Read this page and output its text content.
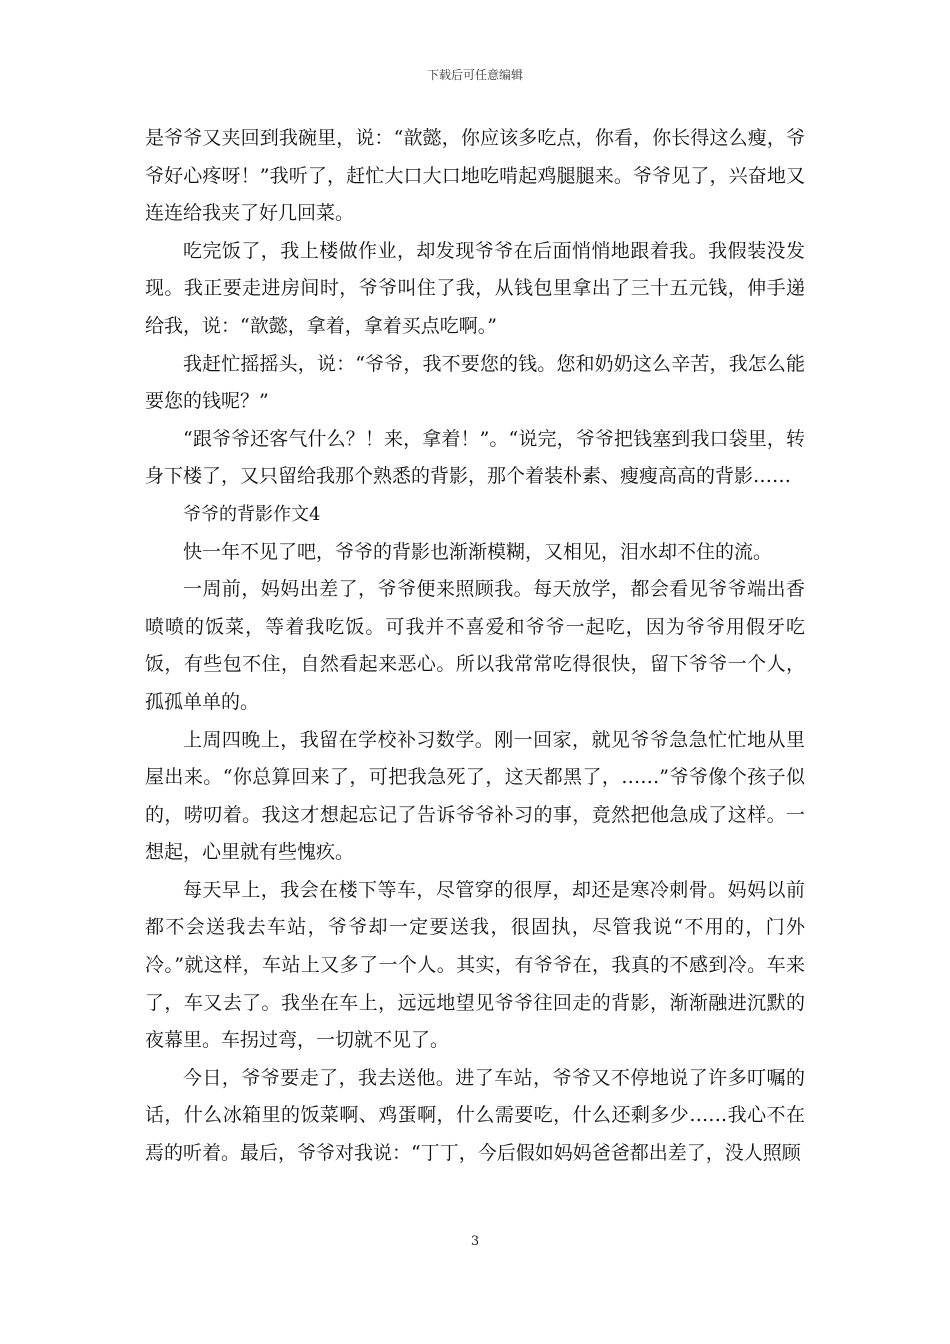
下载后可任意编辑

是爷爷又夹回到我碗里，说：“歆懿，你应该多吃点，你看，你长得这么瘦，爷爷好心疼呀！”我听了，赶忙大口大口地吃啃起鸡腿腿来。爷爷见了，兴奋地又连连给我夹了好几回菜。

吃完饭了，我上楼做作业，却发现爷爷在后面悄悄地跟着我。我假装没发现。我正要走进房间时，爷爷叫住了我，从钱包里拿出了三十五元钱，伸手递给我，说：“歆懿，拿着，拿着买点吃啊。”

我赶忙摇摇头，说：“爷爷，我不要您的钱。您和奶奶这么辛苦，我怎么能要您的钱呢？”

“跟爷爷还客气什么？！来，拿着！”。“说完，爷爷把钱塞到我口袋里，转身下楼了，又只留给我那个熟悉的背影，那个着装朴素、瘦瘦高高的背影……

爷爷的背影作文4

快一年不见了吧，爷爷的背影也渐渐模糊，又相见，泪水却不住的流。

一周前，妈妈出差了，爷爷便来照顾我。每天放学，都会看见爷爷端出香喷喷的饭菜，等着我吃饭。可我并不喜爱和爷爷一起吃，因为爷爷用假牙吃饭，有些包不住，自然看起来恶心。所以我常常吃得很快，留下爷爷一个人，孤孤单单的。

上周四晚上，我留在学校补习数学。刚一回家，就见爷爷急急忙忙地从里屋出来。“你总算回来了，可把我急死了，这天都黑了，……”爷爷像个孩子似的，唠叨着。我这才想起忘记了告诉爷爷补习的事，竟然把他急成了这样。一想起，心里就有些愧疚。

每天早上，我会在楼下等车，尽管穿的很厚，却还是寒冷刺骨。妈妈以前都不会送我去车站，爷爷却一定要送我，很固执，尽管我说“不用的，门外冷。”就这样，车站上又多了一个人。其实，有爷爷在，我真的不感到冷。车来了，车又去了。我坐在车上，远远地望见爷爷往回走的背影，渐渐融进沉默的夜幕里。车拐过弯，一切就不见了。

今日，爷爷要走了，我去送他。进了车站，爷爷又不停地说了许多叮嘱的话，什么冰箱里的饭菜啊、鸡蛋啊，什么需要吃，什么还剩多少……我心不在焉的听着。最后，爷爷对我说：“丁丁，今后假如妈妈爸爸都出差了，没人照顾

3
